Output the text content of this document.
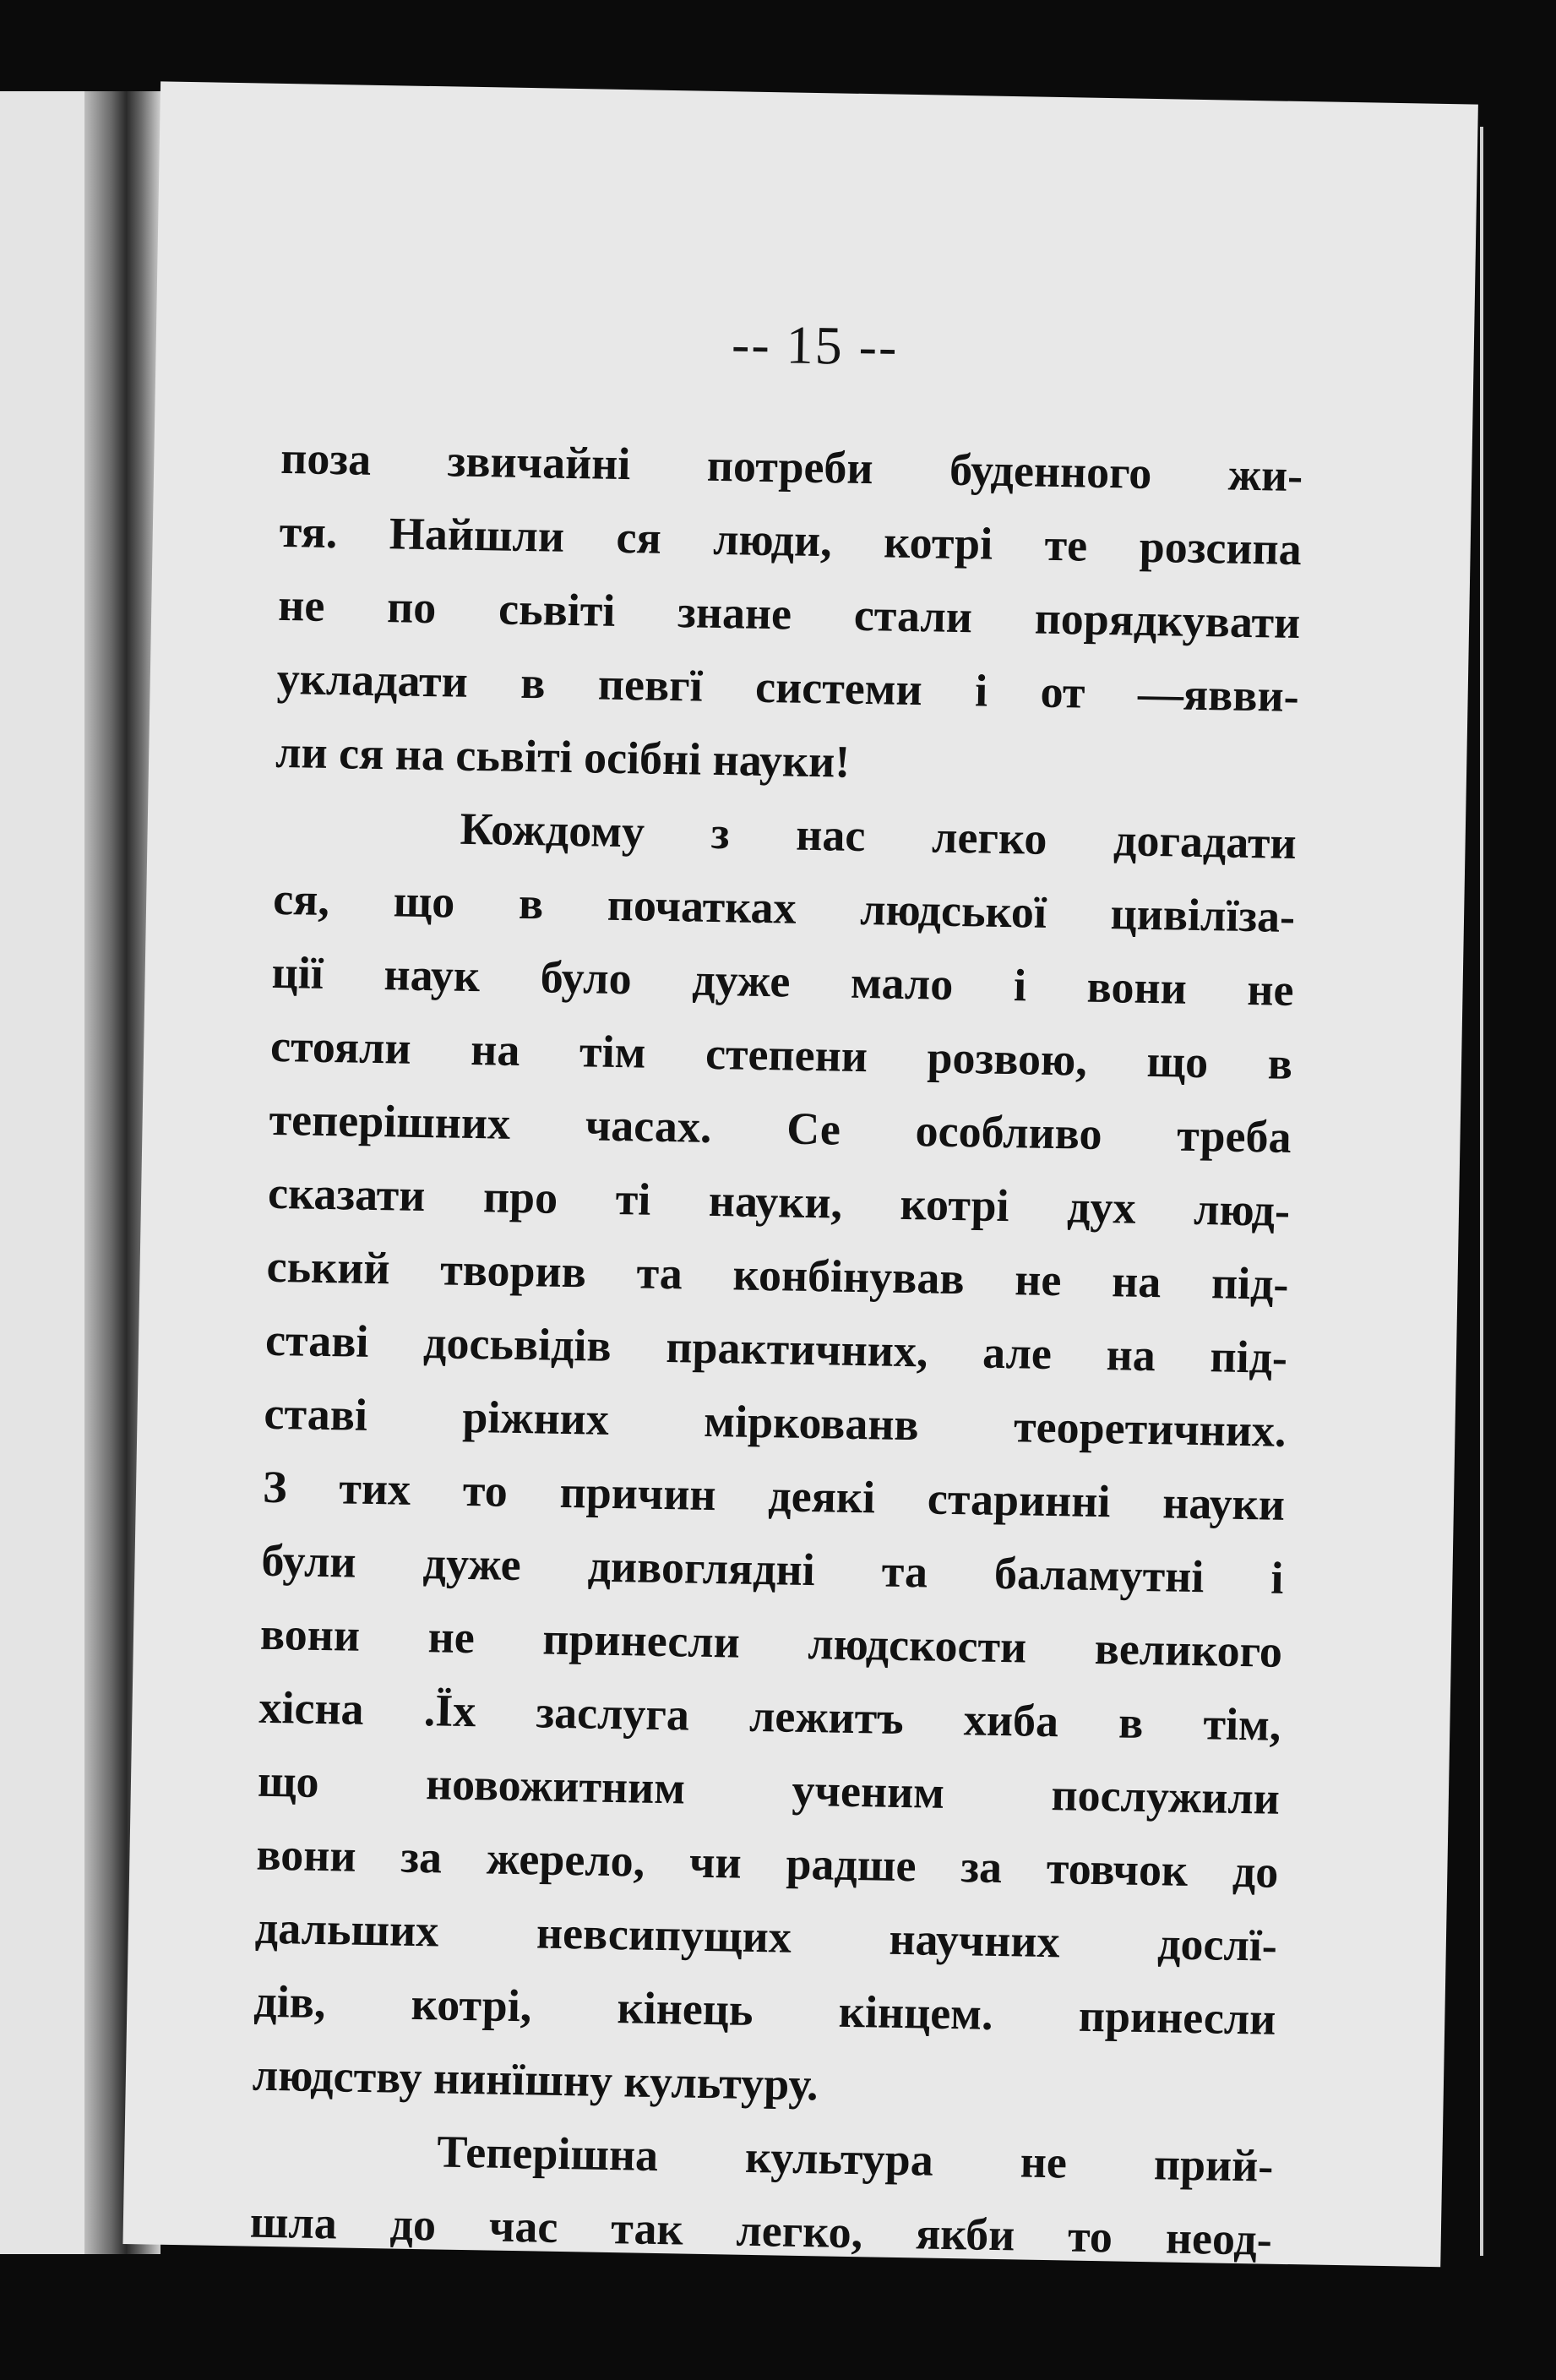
-- 15 --
поза звичайні потреби буденного жи-
тя. Найшли ся люди, котрі те розсипа
не по сьвіті знане стали порядкувати
укладати в певгї системи і от —явви-
ли ся на сьвіті осібні науки!
Кождому з нас легко догадати
ся, що в початках людської цивілїза-
ції наук було дуже мало і вони не
стояли на тім степени розвою, що в
теперішних часах. Се особливо треба
сказати про ті науки, котрі дух люд-
ський творив та конбінував не на під-
ставі досьвідів практичних, але на під-
ставі ріжних міркованв теоретичних.
З тих то причин деякі старинні науки
були дуже дивоглядні та баламутні і
вони не принесли людскости великого
хісна .Їх заслуга лежитъ хиба в тім,
що новожитним ученим послужили
вони за жерело, чи радше за товчок до
дальших невсипущих научних дослї-
дів, котрі, кінець кінцем. принесли
людству нинїшну культуру.
Теперішна культура не прий-
шла до час так легко, якби то неод-
